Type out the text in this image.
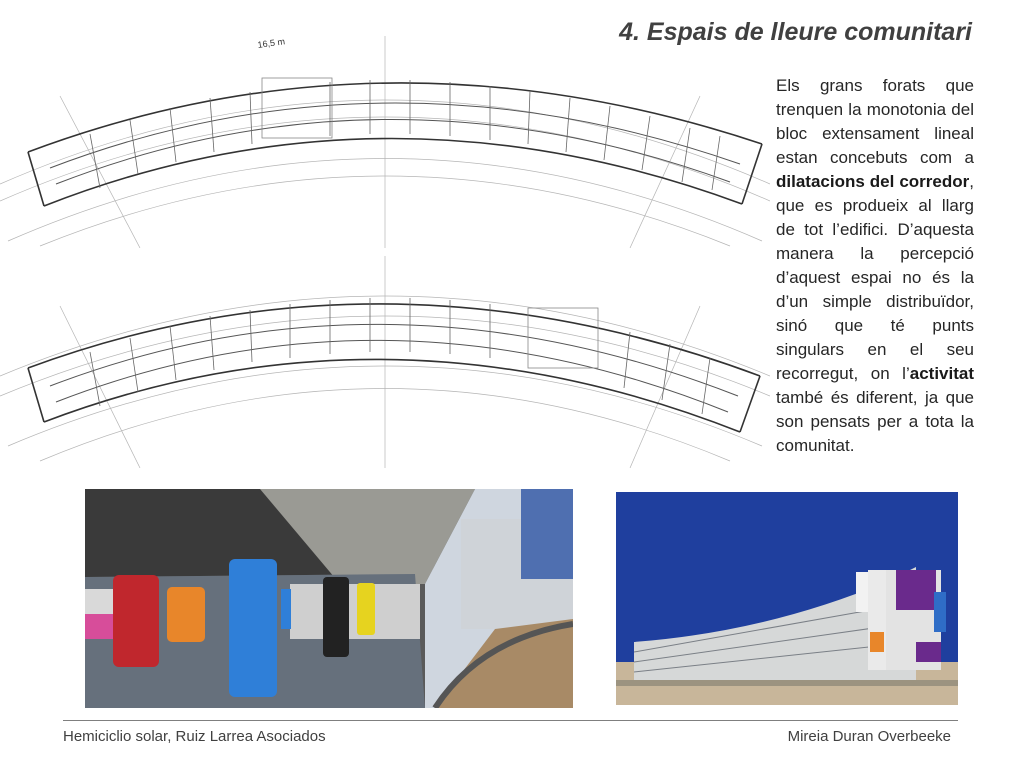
4. Espais de lleure comunitari

Els grans forats que trenquen la monotonia del bloc extensament lineal estan concebuts com a dilatacions del corredor, que es produeix al llarg de tot l’edifici. D’aquesta manera la percepció d’aquest espai no és la d’un simple distribuïdor, sinó que té punts singulars en el seu recorregut, on l’activitat també és diferent, ja que son pensats per a tota la comunitat.

16,5 m
Hemiciclio solar, Ruiz Larrea Asociados	Mireia Duran Overbeeke
